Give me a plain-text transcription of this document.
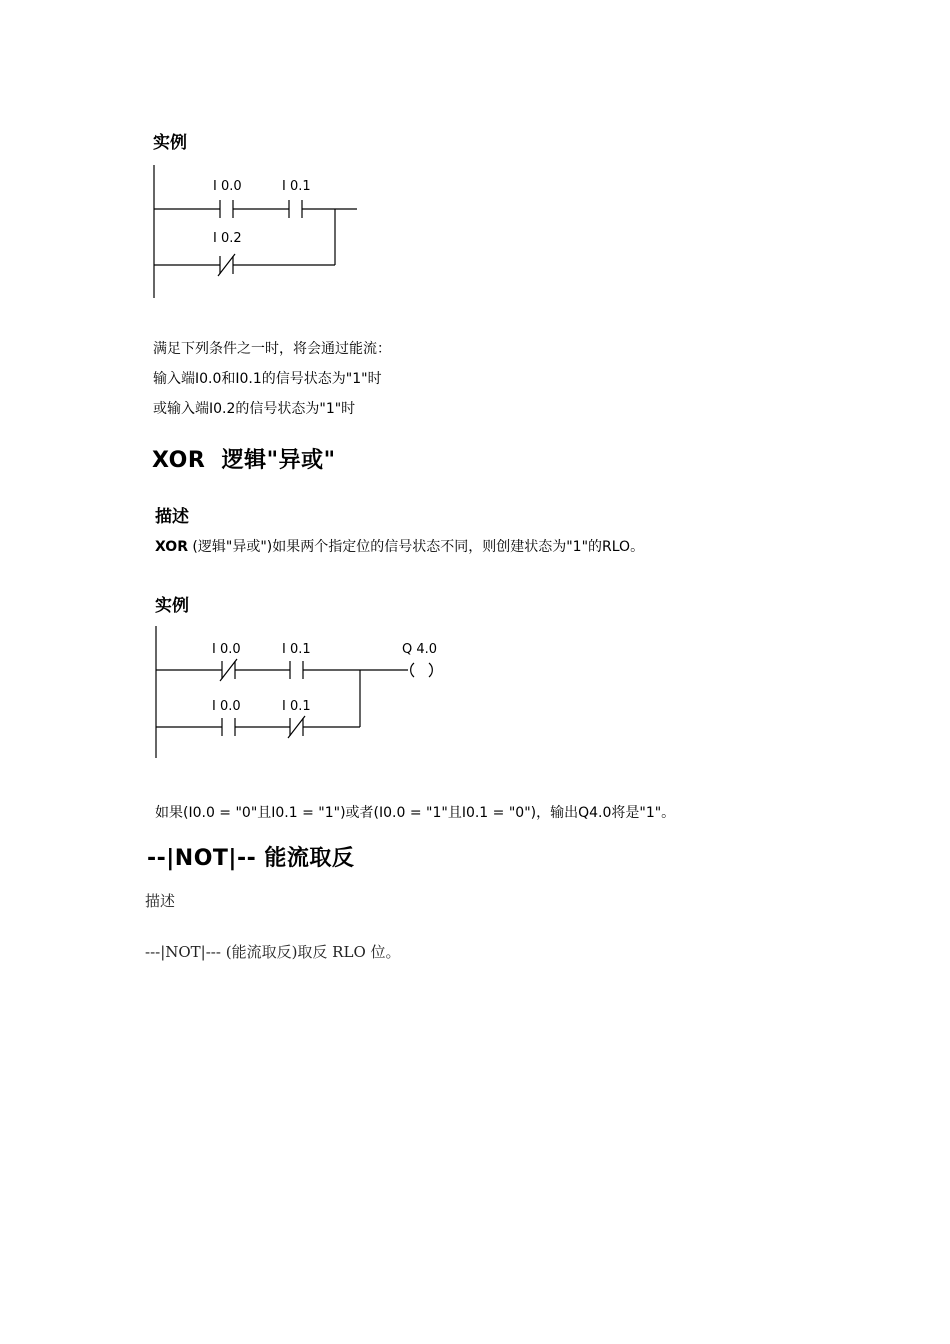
实例
I 0.0	I 0.1
I 0.2
满足下列条件之一时，将会通过能流：
输入端I0.0和I0.1的信号状态为"1"时
或输入端I0.2的信号状态为"1"时
XOR  逻辑"异或"
描述
XOR (逻辑"异或")如果两个指定位的信号状态不同，则创建状态为"1"的RLO。
实例
I 0.0	I 0.1
I 0.0	I 0.1
Q 4.0
如果(I0.0 = "0"且I0.1 = "1")或者(I0.0 = "1"且I0.1 = "0")，输出Q4.0将是"1"。
--|NOT|-- 能流取反
描述
---|NOT|--- (能流取反)取反 RLO 位。
